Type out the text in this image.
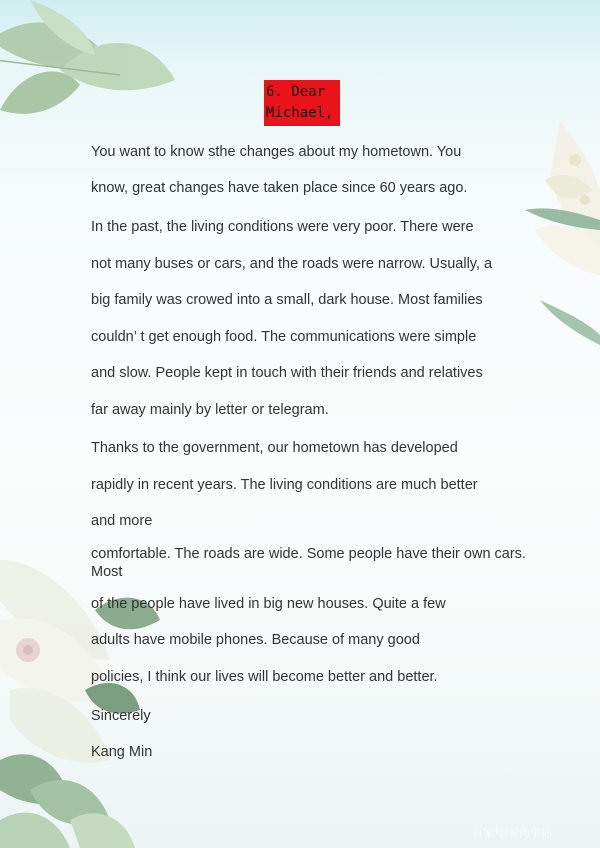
6. Dear
Michael,
You want to know sthe changes about my hometown. You
know, great changes have taken place since 60 years ago.
In the past, the living conditions were very poor. There were
not many buses or cars, and the roads were narrow. Usually, a
big family was crowed into a small, dark house. Most families
couldn’ t get enough food. The communications were simple
and slow. People kept in touch with their friends and relatives
far away mainly by letter or telegram.
Thanks to the government, our hometown has developed
rapidly in recent years. The living conditions are much better
and more
comfortable. The roads are wide. Some people have their own cars.
Most
of the people have lived in big new houses. Quite a few
adults have mobile phones. Because of many good
policies, I think our lives will become better and better.
Sincerely
Kang Min
百家号/爱尚生活
